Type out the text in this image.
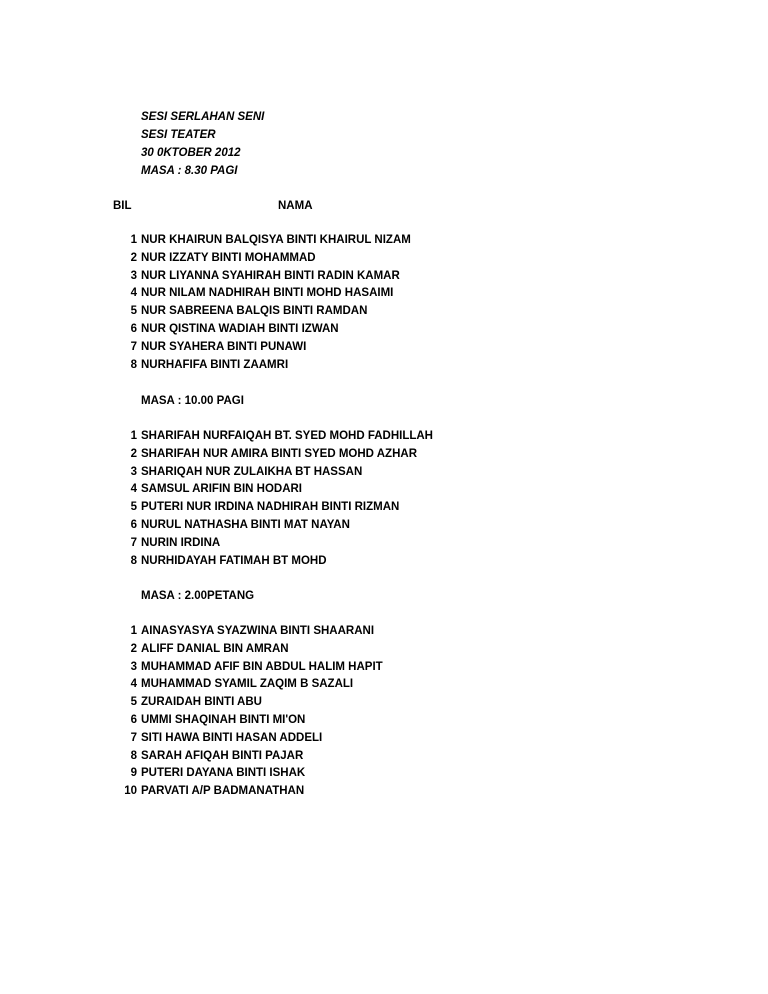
SESI SERLAHAN SENI
SESI TEATER
30 0KTOBER 2012
MASA : 8.30 PAGI
BIL	NAMA
1 NUR KHAIRUN BALQISYA BINTI KHAIRUL NIZAM
2 NUR IZZATY BINTI MOHAMMAD
3 NUR LIYANNA SYAHIRAH BINTI RADIN KAMAR
4 NUR NILAM NADHIRAH BINTI MOHD HASAIMI
5 NUR SABREENA BALQIS BINTI RAMDAN
6 NUR QISTINA WADIAH BINTI IZWAN
7 NUR SYAHERA BINTI PUNAWI
8 NURHAFIFA BINTI ZAAMRI
MASA : 10.00 PAGI
1 SHARIFAH NURFAIQAH BT. SYED MOHD FADHILLAH
2 SHARIFAH NUR AMIRA BINTI SYED MOHD AZHAR
3 SHARIQAH NUR ZULAIKHA BT HASSAN
4 SAMSUL ARIFIN BIN HODARI
5 PUTERI NUR IRDINA NADHIRAH BINTI RIZMAN
6 NURUL NATHASHA BINTI MAT NAYAN
7 NURIN IRDINA
8 NURHIDAYAH FATIMAH BT MOHD
MASA : 2.00PETANG
1 AINASYASYA SYAZWINA BINTI SHAARANI
2 ALIFF DANIAL BIN AMRAN
3 MUHAMMAD AFIF BIN ABDUL HALIM HAPIT
4 MUHAMMAD SYAMIL ZAQIM B SAZALI
5 ZURAIDAH BINTI ABU
6 UMMI SHAQINAH BINTI MI'ON
7 SITI HAWA BINTI HASAN ADDELI
8 SARAH AFIQAH BINTI PAJAR
9 PUTERI DAYANA BINTI ISHAK
10 PARVATI A/P BADMANATHAN
